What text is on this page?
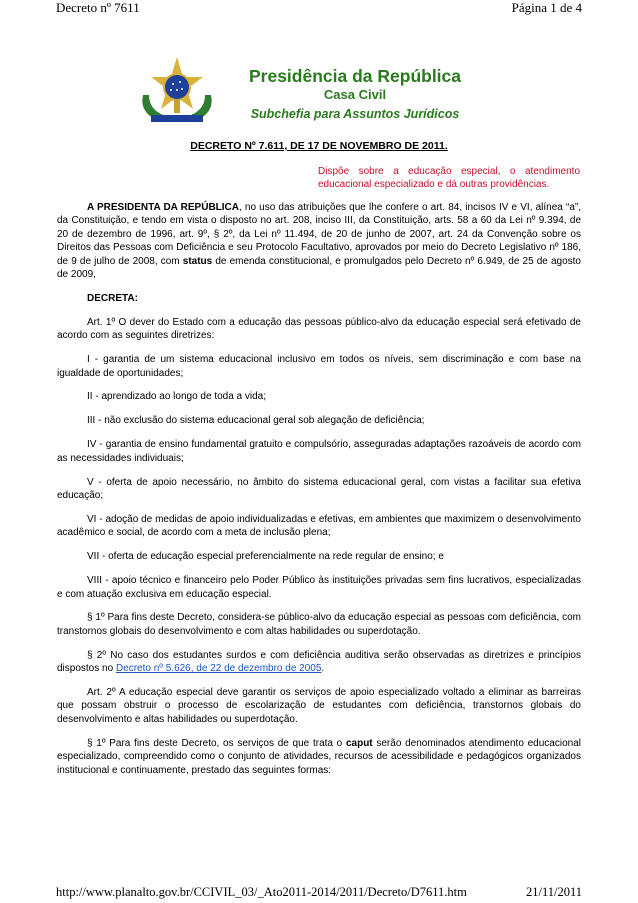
Decreto nº 7611	Página 1 de 4
Presidência da República
Casa Civil
Subchefia para Assuntos Jurídicos
DECRETO Nº 7.611, DE 17 DE NOVEMBRO DE 2011.
Dispõe sobre a educação especial, o atendimento educacional especializado e dá outras providências.

A PRESIDENTA DA REPÚBLICA, no uso das atribuições que lhe confere o art. 84, incisos IV e VI, alínea “a”, da Constituição, e tendo em vista o disposto no art. 208, inciso III, da Constituição, arts. 58 a 60 da Lei nº 9.394, de 20 de dezembro de 1996, art. 9º, § 2º, da Lei nº 11.494, de 20 de junho de 2007, art. 24 da Convenção sobre os Direitos das Pessoas com Deficiência e seu Protocolo Facultativo, aprovados por meio do Decreto Legislativo nº 186, de 9 de julho de 2008, com status de emenda constitucional, e promulgados pelo Decreto nº 6.949, de 25 de agosto de 2009,

DECRETA:

Art. 1º O dever do Estado com a educação das pessoas público-alvo da educação especial será efetivado de acordo com as seguintes diretrizes:

I - garantia de um sistema educacional inclusivo em todos os níveis, sem discriminação e com base na igualdade de oportunidades;

II - aprendizado ao longo de toda a vida;

III - não exclusão do sistema educacional geral sob alegação de deficiência;

IV - garantia de ensino fundamental gratuito e compulsório, asseguradas adaptações razoáveis de acordo com as necessidades individuais;

V - oferta de apoio necessário, no âmbito do sistema educacional geral, com vistas a facilitar sua efetiva educação;

VI - adoção de medidas de apoio individualizadas e efetivas, em ambientes que maximizem o desenvolvimento acadêmico e social, de acordo com a meta de inclusão plena;

VII - oferta de educação especial preferencialmente na rede regular de ensino; e

VIII - apoio técnico e financeiro pelo Poder Público às instituições privadas sem fins lucrativos, especializadas e com atuação exclusiva em educação especial.

§ 1º Para fins deste Decreto, considera-se público-alvo da educação especial as pessoas com deficiência, com transtornos globais do desenvolvimento e com altas habilidades ou superdotação.

§ 2º No caso dos estudantes surdos e com deficiência auditiva serão observadas as diretrizes e princípios dispostos no Decreto nº 5.626, de 22 de dezembro de 2005.

Art. 2º A educação especial deve garantir os serviços de apoio especializado voltado a eliminar as barreiras que possam obstruir o processo de escolarização de estudantes com deficiência, transtornos globais do desenvolvimento e altas habilidades ou superdotação.

§ 1º Para fins deste Decreto, os serviços de que trata o caput serão denominados atendimento educacional especializado, compreendido como o conjunto de atividades, recursos de acessibilidade e pedagógicos organizados institucional e continuamente, prestado das seguintes formas:

http://www.planalto.gov.br/CCIVIL_03/_Ato2011-2014/2011/Decreto/D7611.htm	21/11/2011
